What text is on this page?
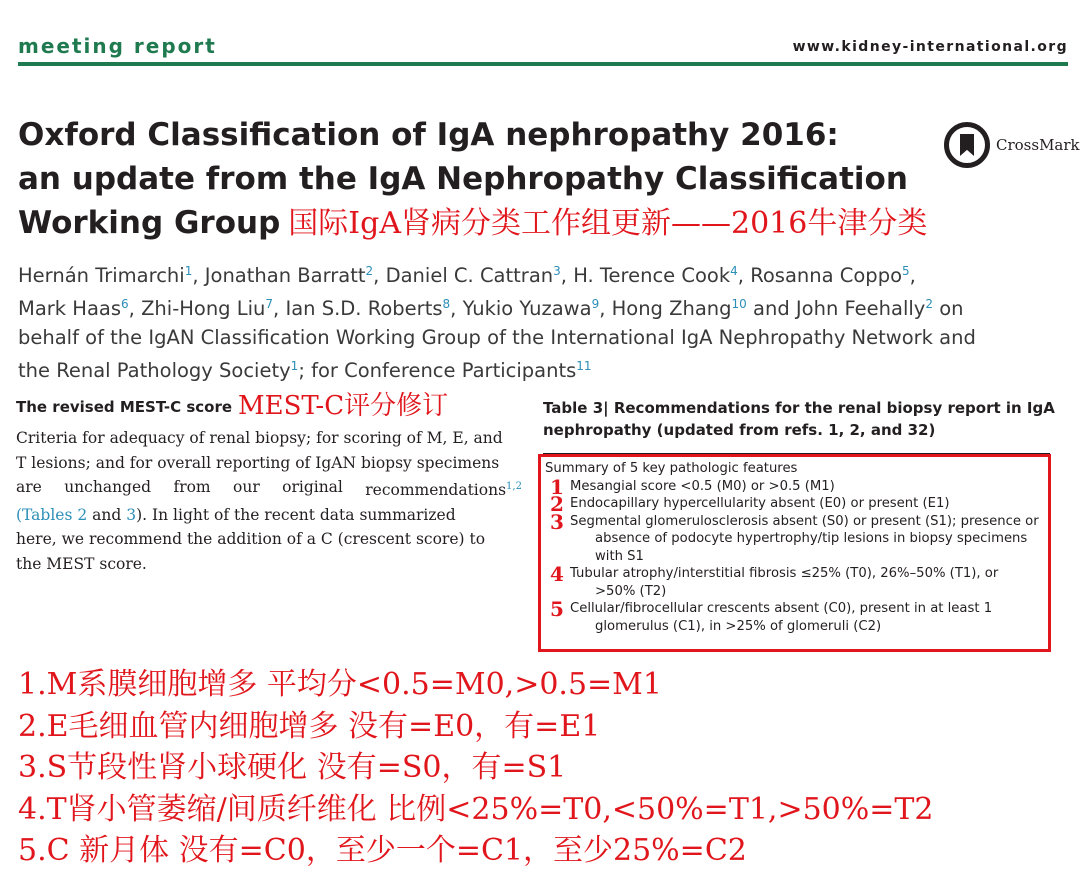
meeting report	www.kidney-international.org
Oxford Classification of IgA nephropathy 2016:
an update from the IgA Nephropathy Classification
Working Group 国际IgA肾病分类工作组更新——2016牛津分类
CrossMark
Hernán Trimarchi$^1$, Jonathan Barratt$^2$, Daniel C. Cattran$^3$, H. Terence Cook$^4$, Rosanna Coppo$^5$,
Mark Haas$^6$, Zhi-Hong Liu$^7$, Ian S.D. Roberts$^8$, Yukio Yuzawa$^9$, Hong Zhang$^{10}$ and John Feehally$^2$ on
behalf of the IgAN Classification Working Group of the International IgA Nephropathy Network and
the Renal Pathology Society$^1$; for Conference Participants$^{11}$
The revised MEST-C score MEST-C评分修订
Criteria for adequacy of renal biopsy; for scoring of M, E, and
T lesions; and for overall reporting of IgAN biopsy specimens
are unchanged from our original recommendations$^{1,2}$
(Tables 2 and 3). In light of the recent data summarized
here, we recommend the addition of a C (crescent score) to
the MEST score.
Table 3| Recommendations for the renal biopsy report in IgA
nephropathy (updated from refs. 1, 2, and 32)
Summary of 5 key pathologic features
1 Mesangial score <0.5 (M0) or >0.5 (M1)
2 Endocapillary hypercellularity absent (E0) or present (E1)
3 Segmental glomerulosclerosis absent (S0) or present (S1); presence or
absence of podocyte hypertrophy/tip lesions in biopsy specimens
with S1
4 Tubular atrophy/interstitial fibrosis ≤25% (T0), 26%–50% (T1), or
>50% (T2)
5 Cellular/fibrocellular crescents absent (C0), present in at least 1
glomerulus (C1), in >25% of glomeruli (C2)
1.M系膜细胞增多 平均分<0.5=M0,>0.5=M1
2.E毛细血管内细胞增多 没有=E0，有=E1
3.S节段性肾小球硬化 没有=S0，有=S1
4.T肾小管萎缩/间质纤维化 比例<25%=T0,<50%=T1,>50%=T2
5.C 新月体 没有=C0，至少一个=C1，至少25%=C2
